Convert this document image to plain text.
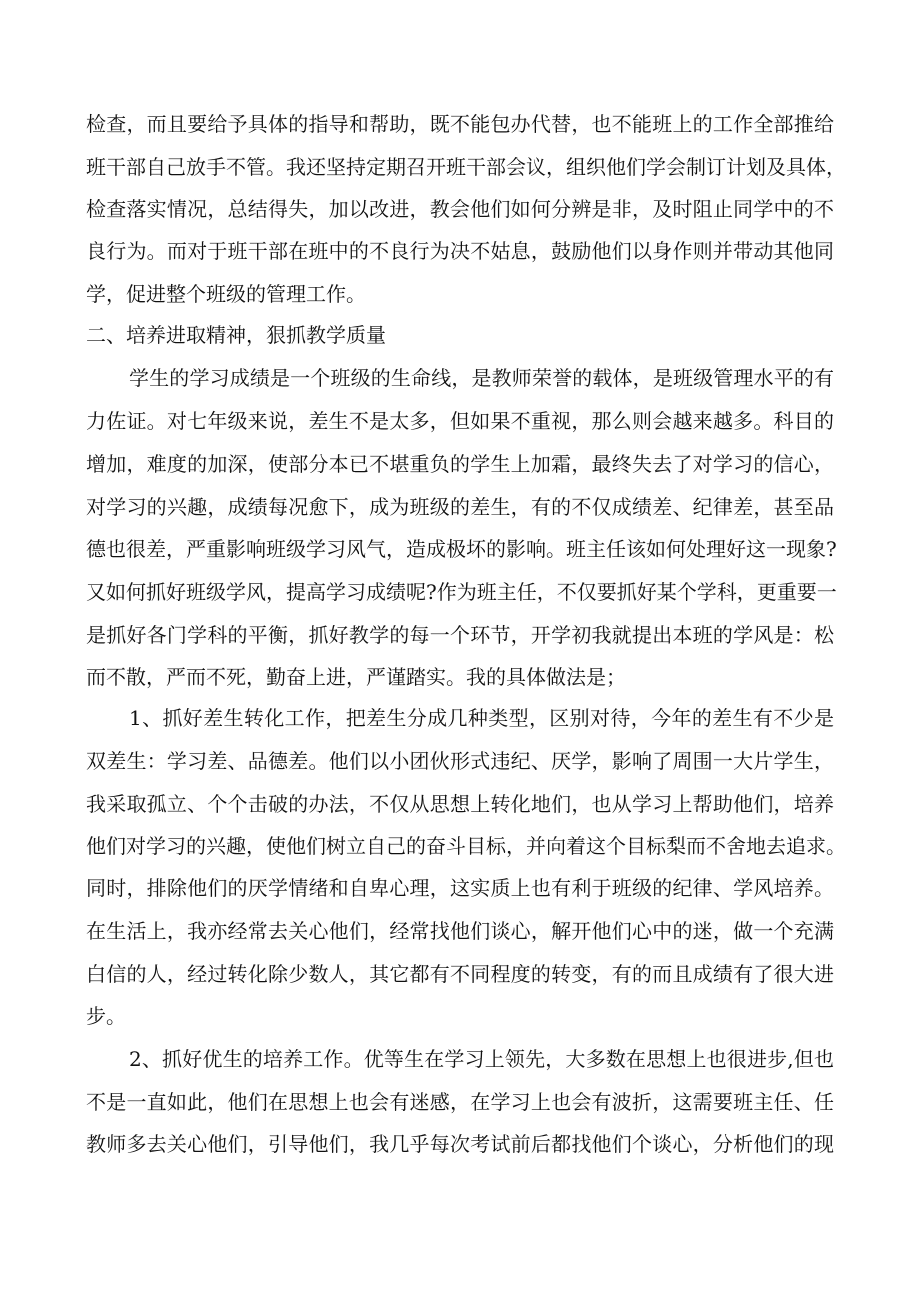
检查，而且要给予具体的指导和帮助，既不能包办代替，也不能班上的工作全部推给
班干部自己放手不管。我还坚持定期召开班干部会议，组织他们学会制订计划及具体，
检查落实情况，总结得失，加以改进，教会他们如何分辨是非，及时阻止同学中的不
良行为。而对于班干部在班中的不良行为决不姑息，鼓励他们以身作则并带动其他同
学，促进整个班级的管理工作。
二、培养进取精神，狠抓教学质量
学生的学习成绩是一个班级的生命线，是教师荣誉的载体，是班级管理水平的有
力佐证。对七年级来说，差生不是太多，但如果不重视，那么则会越来越多。科目的
增加，难度的加深，使部分本已不堪重负的学生上加霜，最终失去了对学习的信心，
对学习的兴趣，成绩每况愈下，成为班级的差生，有的不仅成绩差、纪律差，甚至品
德也很差，严重影响班级学习风气，造成极坏的影响。班主任该如何处理好这一现象?
又如何抓好班级学风，提高学习成绩呢?作为班主任，不仅要抓好某个学科，更重要一
是抓好各门学科的平衡，抓好教学的每一个环节，开学初我就提出本班的学风是：松
而不散，严而不死，勤奋上进，严谨踏实。我的具体做法是；
1、抓好差生转化工作，把差生分成几种类型，区别对待，今年的差生有不少是
双差生：学习差、品德差。他们以小团伙形式违纪、厌学，影响了周围一大片学生，
我采取孤立、个个击破的办法，不仅从思想上转化地们，也从学习上帮助他们，培养
他们对学习的兴趣，使他们树立自己的奋斗目标，并向着这个目标梨而不舍地去追求。
同时，排除他们的厌学情绪和自卑心理，这实质上也有利于班级的纪律、学风培养。
在生活上，我亦经常去关心他们，经常找他们谈心，解开他们心中的迷，做一个充满
白信的人，经过转化除少数人，其它都有不同程度的转变，有的而且成绩有了很大进
步。
2、抓好优生的培养工作。优等生在学习上领先，大多数在思想上也很进步,但也
不是一直如此，他们在思想上也会有迷感，在学习上也会有波折，这需要班主任、任
教师多去关心他们，引导他们，我几乎每次考试前后都找他们个谈心，分析他们的现
